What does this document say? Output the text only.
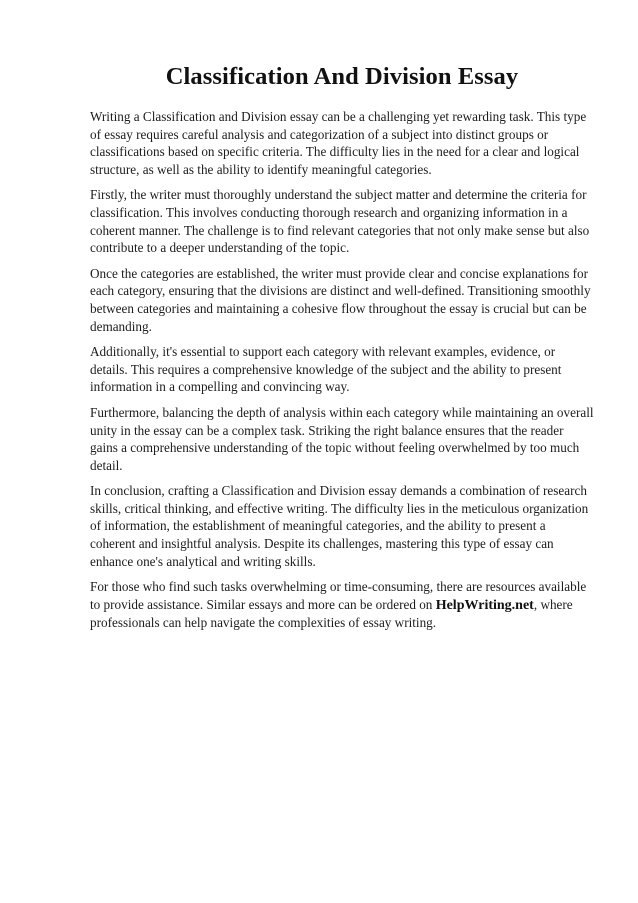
Classification And Division Essay

Writing a Classification and Division essay can be a challenging yet rewarding task. This type of essay requires careful analysis and categorization of a subject into distinct groups or classifications based on specific criteria. The difficulty lies in the need for a clear and logical structure, as well as the ability to identify meaningful categories.

Firstly, the writer must thoroughly understand the subject matter and determine the criteria for classification. This involves conducting thorough research and organizing information in a coherent manner. The challenge is to find relevant categories that not only make sense but also contribute to a deeper understanding of the topic.

Once the categories are established, the writer must provide clear and concise explanations for each category, ensuring that the divisions are distinct and well-defined. Transitioning smoothly between categories and maintaining a cohesive flow throughout the essay is crucial but can be demanding.

Additionally, it's essential to support each category with relevant examples, evidence, or details. This requires a comprehensive knowledge of the subject and the ability to present information in a compelling and convincing way.

Furthermore, balancing the depth of analysis within each category while maintaining an overall unity in the essay can be a complex task. Striking the right balance ensures that the reader gains a comprehensive understanding of the topic without feeling overwhelmed by too much detail.

In conclusion, crafting a Classification and Division essay demands a combination of research skills, critical thinking, and effective writing. The difficulty lies in the meticulous organization of information, the establishment of meaningful categories, and the ability to present a coherent and insightful analysis. Despite its challenges, mastering this type of essay can enhance one's analytical and writing skills.

For those who find such tasks overwhelming or time-consuming, there are resources available to provide assistance. Similar essays and more can be ordered on HelpWriting.net, where professionals can help navigate the complexities of essay writing.
